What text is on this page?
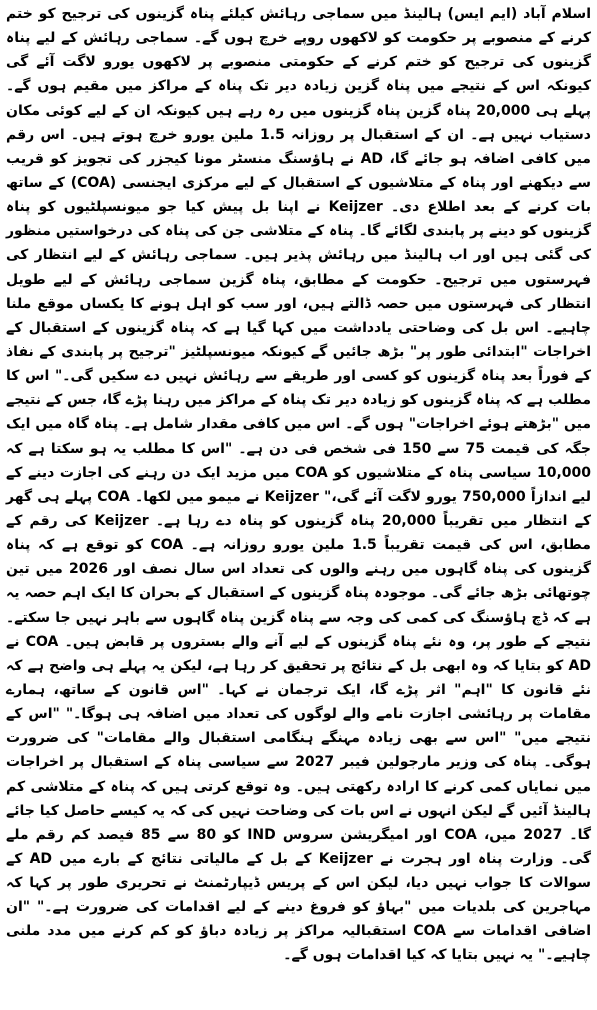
اسلام آباد (ایم ایس) ہالینڈ میں سماجی رہائش کیلئے پناہ گزینوں کی ترجیح کو ختم کرنے کے منصوبے پر حکومت کو لاکھوں روپے خرچ ہوں گے۔ سماجی رہائش کے لیے پناہ گزینوں کی ترجیح کو ختم کرنے کے حکومتی منصوبے پر لاکھوں یورو لاگت آئے گی کیونکہ اس کے نتیجے میں پناہ گزین زیادہ دیر تک پناہ کے مراکز میں مقیم ہوں گے۔ پہلے ہی 20,000 پناہ گزین پناہ گزینوں میں رہ رہے ہیں کیونکہ ان کے لیے کوئی مکان دستیاب نہیں ہے۔ ان کے استقبال پر روزانہ 1.5 ملین یورو خرچ ہوتے ہیں۔ اس رقم میں کافی اضافہ ہو جائے گا، AD نے ہاؤسنگ منسٹر مونا کیجزر کی تجویز کو قریب سے دیکھنے اور پناہ کے متلاشیوں کے استقبال کے لیے مرکزی ایجنسی (COA) کے ساتھ بات کرنے کے بعد اطلاع دی۔ Keijzer نے اپنا بل پیش کیا جو میونسپلٹیوں کو پناہ گزینوں کو دینے پر پابندی لگائے گا۔ پناہ کے متلاشی جن کی پناہ کی درخواستیں منظور کی گئی ہیں اور اب ہالینڈ میں رہائش پذیر ہیں۔ سماجی رہائش کے لیے انتظار کی فہرستوں میں ترجیح۔ حکومت کے مطابق، پناہ گزین سماجی رہائش کے لیے طویل انتظار کی فہرستوں میں حصہ ڈالتے ہیں، اور سب کو اہل ہونے کا یکساں موقع ملنا چاہیے۔ اس بل کی وضاحتی یادداشت میں کہا گیا ہے کہ پناہ گزینوں کے استقبال کے اخراجات "ابتدائی طور پر" بڑھ جائیں گے کیونکہ میونسپلٹیز "ترجیح پر پابندی کے نفاذ کے فوراً بعد پناہ گزینوں کو کسی اور طریقے سے رہائش نہیں دے سکیں گی۔" اس کا مطلب ہے کہ پناہ گزینوں کو زیادہ دیر تک پناہ کے مراکز میں رہنا پڑے گا، جس کے نتیجے میں "بڑھتے ہوئے اخراجات" ہوں گے۔ اس میں کافی مقدار شامل ہے۔ پناہ گاہ میں ایک جگہ کی قیمت 75 سے 150 فی شخص فی دن ہے۔ "اس کا مطلب یہ ہو سکتا ہے کہ 10,000 سیاسی پناہ کے متلاشیوں کو COA میں مزید ایک دن رہنے کی اجازت دینے کے لیے اندازاً 750,000 یورو لاگت آئے گی،" Keijzer نے میمو میں لکھا۔ COA پہلے ہی گھر کے انتظار میں تقریباً 20,000 پناہ گزینوں کو پناہ دے رہا ہے۔ Keijzer کی رقم کے مطابق، اس کی قیمت تقریباً 1.5 ملین یورو روزانہ ہے۔ COA کو توقع ہے کہ پناہ گزینوں کی پناہ گاہوں میں رہنے والوں کی تعداد اس سال نصف اور 2026 میں تین چوتھائی بڑھ جائے گی۔ موجودہ پناہ گزینوں کے استقبال کے بحران کا ایک اہم حصہ یہ ہے کہ ڈچ ہاؤسنگ کی کمی کی وجہ سے پناہ گزین پناہ گاہوں سے باہر نہیں جا سکتے۔ نتیجے کے طور پر، وہ نئے پناہ گزینوں کے لیے آنے والے بستروں پر قابض ہیں۔ COA نے AD کو بتایا کہ وہ ابھی بل کے نتائج پر تحقیق کر رہا ہے، لیکن یہ پہلے ہی واضح ہے کہ نئے قانون کا "اہم" اثر پڑے گا، ایک ترجمان نے کہا۔ "اس قانون کے ساتھ، ہمارے مقامات پر رہائشی اجازت نامے والے لوگوں کی تعداد میں اضافہ ہی ہوگا۔" "اس کے نتیجے میں" "اس سے بھی زیادہ مہنگے ہنگامی استقبال والے مقامات" کی ضرورت ہوگی۔ پناہ کی وزیر مارجولین فیبر 2027 سے سیاسی پناہ کے استقبال پر اخراجات میں نمایاں کمی کرنے کا ارادہ رکھتی ہیں۔ وہ توقع کرتی ہیں کہ پناہ کے متلاشی کم ہالینڈ آئیں گے لیکن انہوں نے اس بات کی وضاحت نہیں کی کہ یہ کیسے حاصل کیا جائے گا۔ 2027 میں، COA اور امیگریشن سروس IND کو 80 سے 85 فیصد کم رقم ملے گی۔ وزارت پناہ اور ہجرت نے Keijzer کے بل کے مالیاتی نتائج کے بارے میں AD کے سوالات کا جواب نہیں دیا، لیکن اس کے پریس ڈیپارٹمنٹ نے تحریری طور پر کہا کہ مہاجرین کی بلدیات میں "بہاؤ کو فروغ دینے کے لیے اقدامات کی ضرورت ہے۔" "ان اضافی اقدامات سے COA استقبالیہ مراکز پر زیادہ دباؤ کو کم کرنے میں مدد ملنی چاہیے۔" یہ نہیں بتایا کہ کیا اقدامات ہوں گے۔
